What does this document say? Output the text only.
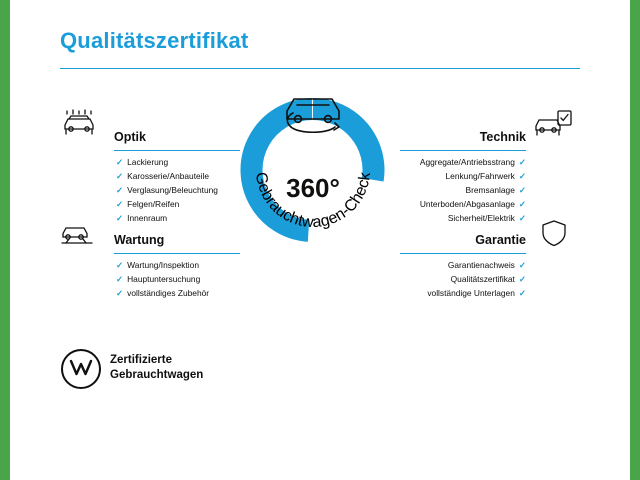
Qualitätszertifikat
Optik
✓ Lackierung
✓ Karosserie/Anbauteile
✓ Verglasung/Beleuchtung
✓ Felgen/Reifen
✓ Innenraum
Technik
Aggregate/Antriebsstrang ✓
Lenkung/Fahrwerk ✓
Bremsanlage ✓
Unterboden/Abgasanlage ✓
Sicherheit/Elektrik ✓
Wartung
✓ Wartung/Inspektion
✓ Hauptuntersuchung
✓ vollständiges Zubehör
Garantie
Garantienachweis ✓
Qualitätszertifikat ✓
vollständige Unterlagen ✓
Gebrauchtwagen-Check
360°
Zertifizierte
Gebrauchtwagen
